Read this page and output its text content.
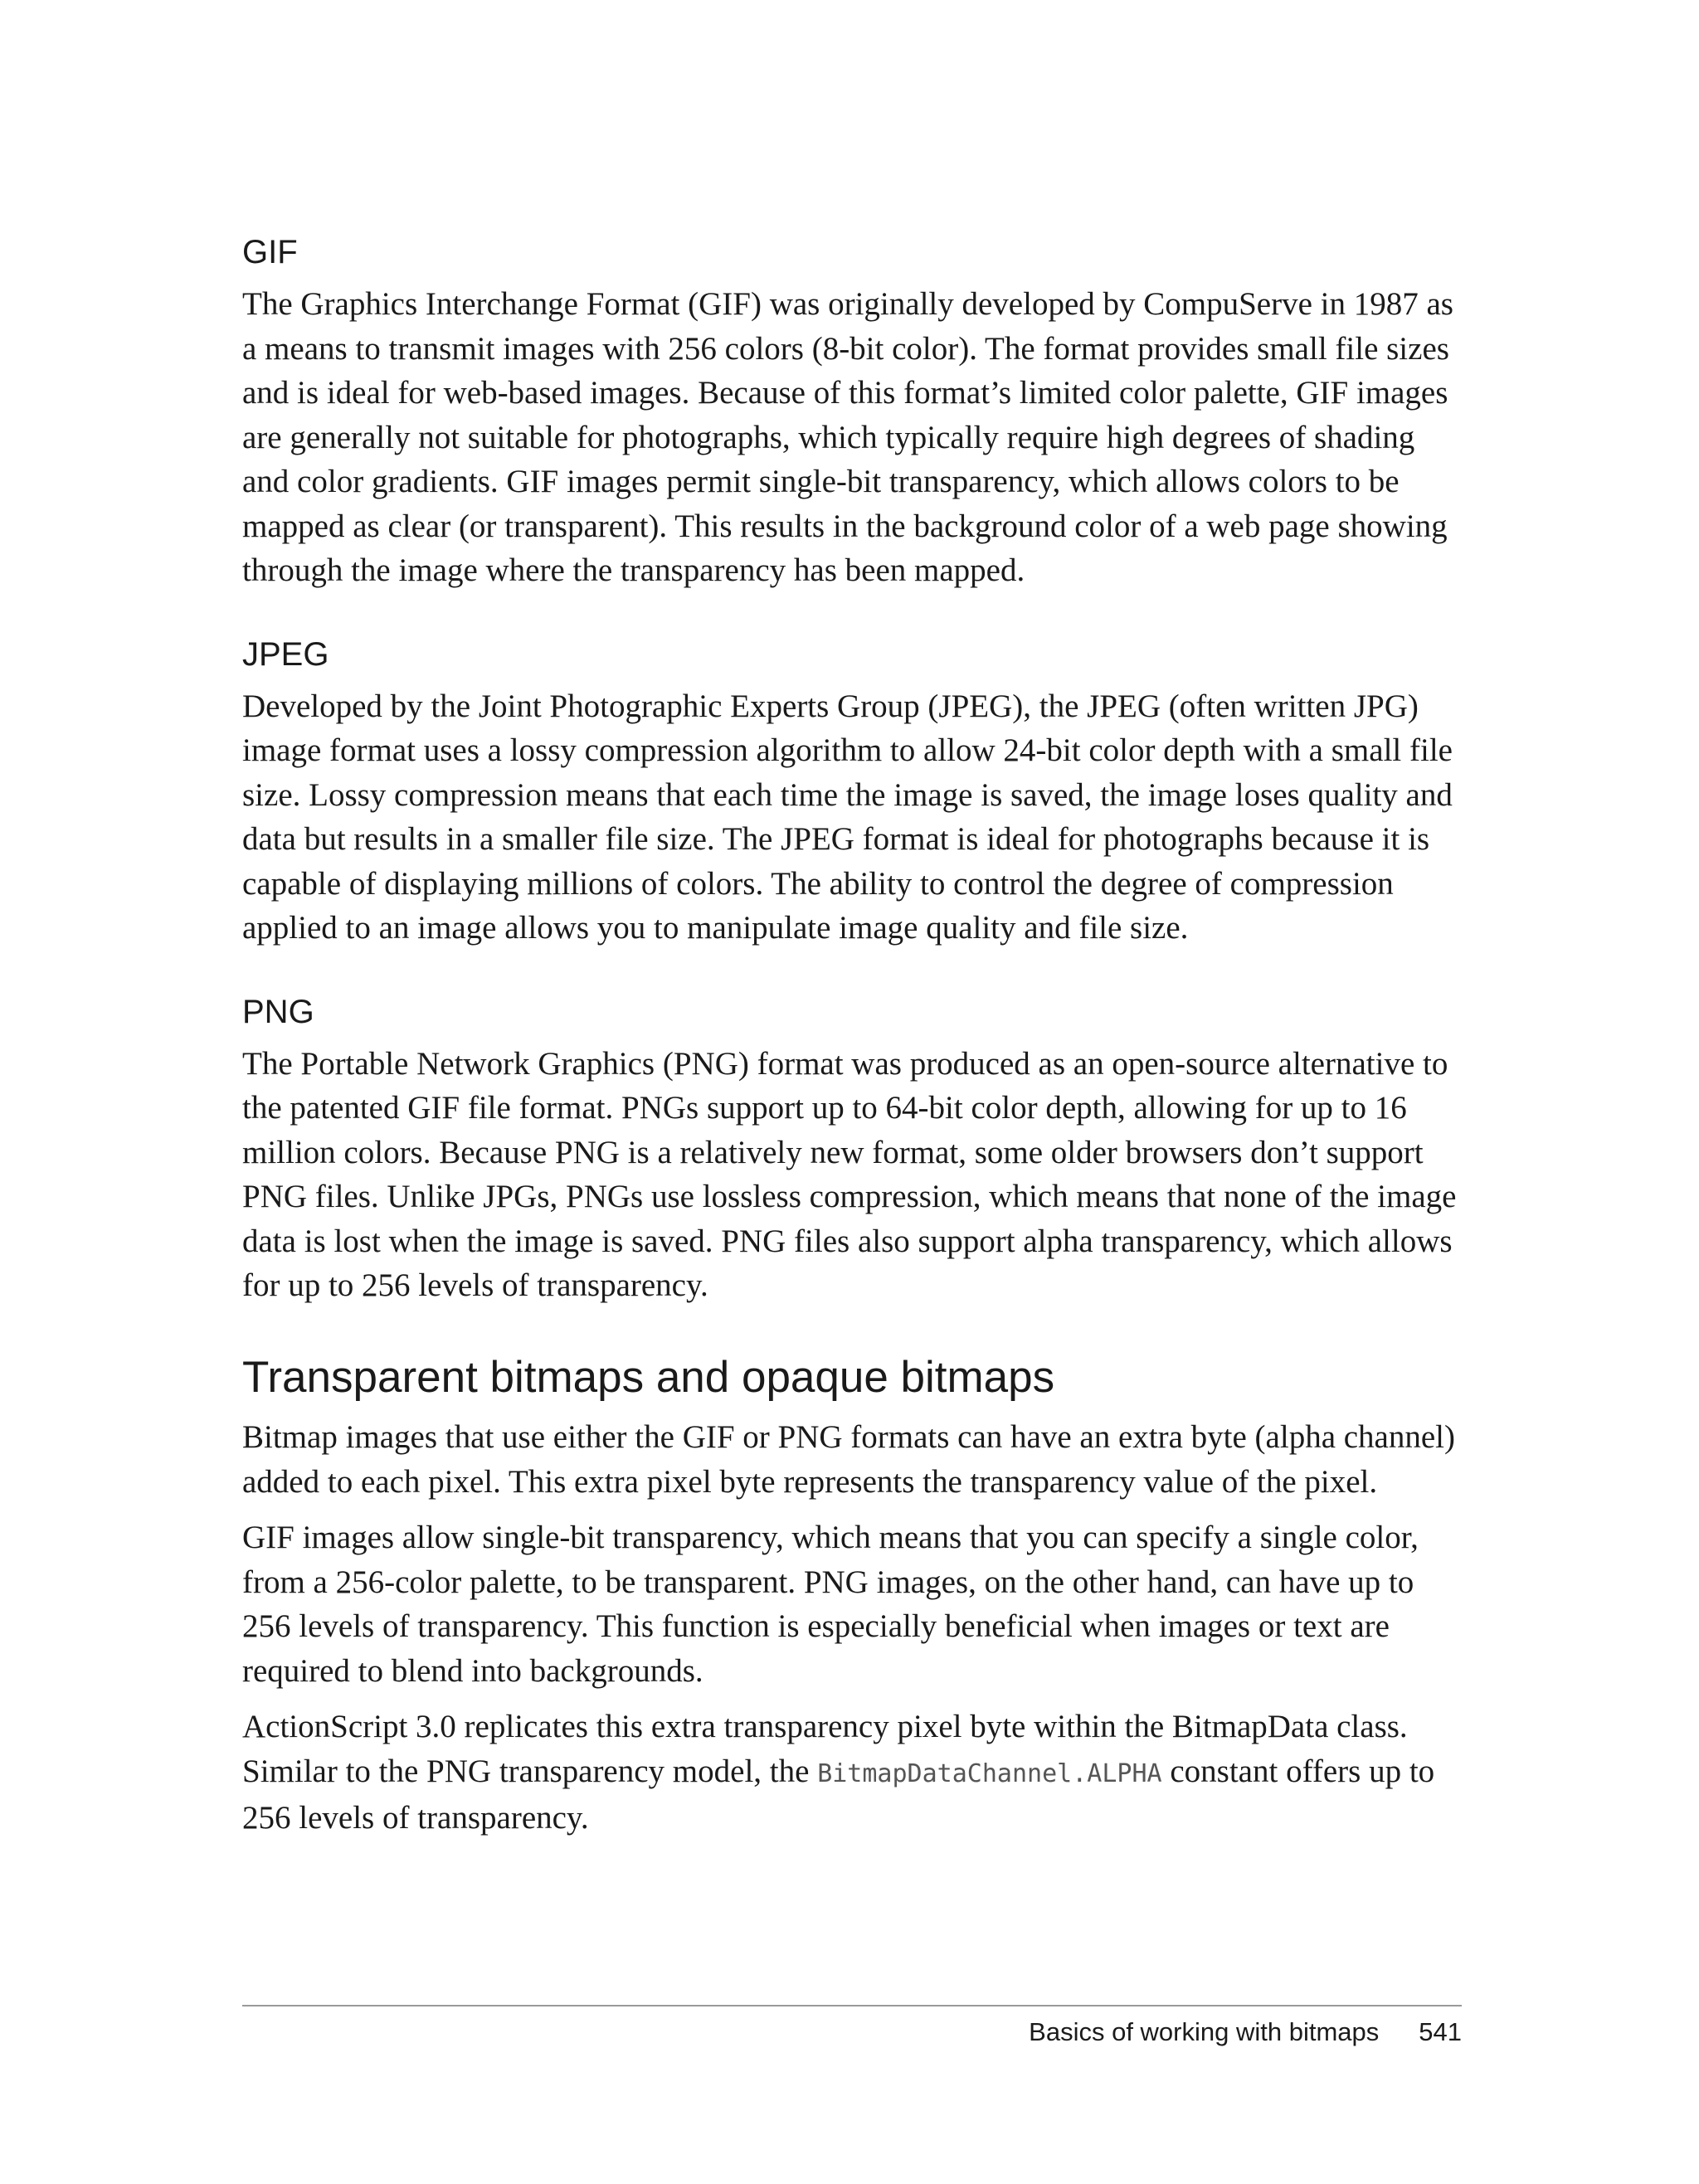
GIF

The Graphics Interchange Format (GIF) was originally developed by CompuServe in 1987 as a means to transmit images with 256 colors (8-bit color). The format provides small file sizes and is ideal for web-based images. Because of this format’s limited color palette, GIF images are generally not suitable for photographs, which typically require high degrees of shading and color gradients. GIF images permit single-bit transparency, which allows colors to be mapped as clear (or transparent). This results in the background color of a web page showing through the image where the transparency has been mapped.

JPEG

Developed by the Joint Photographic Experts Group (JPEG), the JPEG (often written JPG) image format uses a lossy compression algorithm to allow 24-bit color depth with a small file size. Lossy compression means that each time the image is saved, the image loses quality and data but results in a smaller file size. The JPEG format is ideal for photographs because it is capable of displaying millions of colors. The ability to control the degree of compression applied to an image allows you to manipulate image quality and file size.

PNG

The Portable Network Graphics (PNG) format was produced as an open-source alternative to the patented GIF file format. PNGs support up to 64-bit color depth, allowing for up to 16 million colors. Because PNG is a relatively new format, some older browsers don’t support PNG files. Unlike JPGs, PNGs use lossless compression, which means that none of the image data is lost when the image is saved. PNG files also support alpha transparency, which allows for up to 256 levels of transparency.

Transparent bitmaps and opaque bitmaps

Bitmap images that use either the GIF or PNG formats can have an extra byte (alpha channel) added to each pixel. This extra pixel byte represents the transparency value of the pixel.

GIF images allow single-bit transparency, which means that you can specify a single color, from a 256-color palette, to be transparent. PNG images, on the other hand, can have up to 256 levels of transparency. This function is especially beneficial when images or text are required to blend into backgrounds.

ActionScript 3.0 replicates this extra transparency pixel byte within the BitmapData class. Similar to the PNG transparency model, the BitmapDataChannel.ALPHA constant offers up to 256 levels of transparency.

Basics of working with bitmaps 541
